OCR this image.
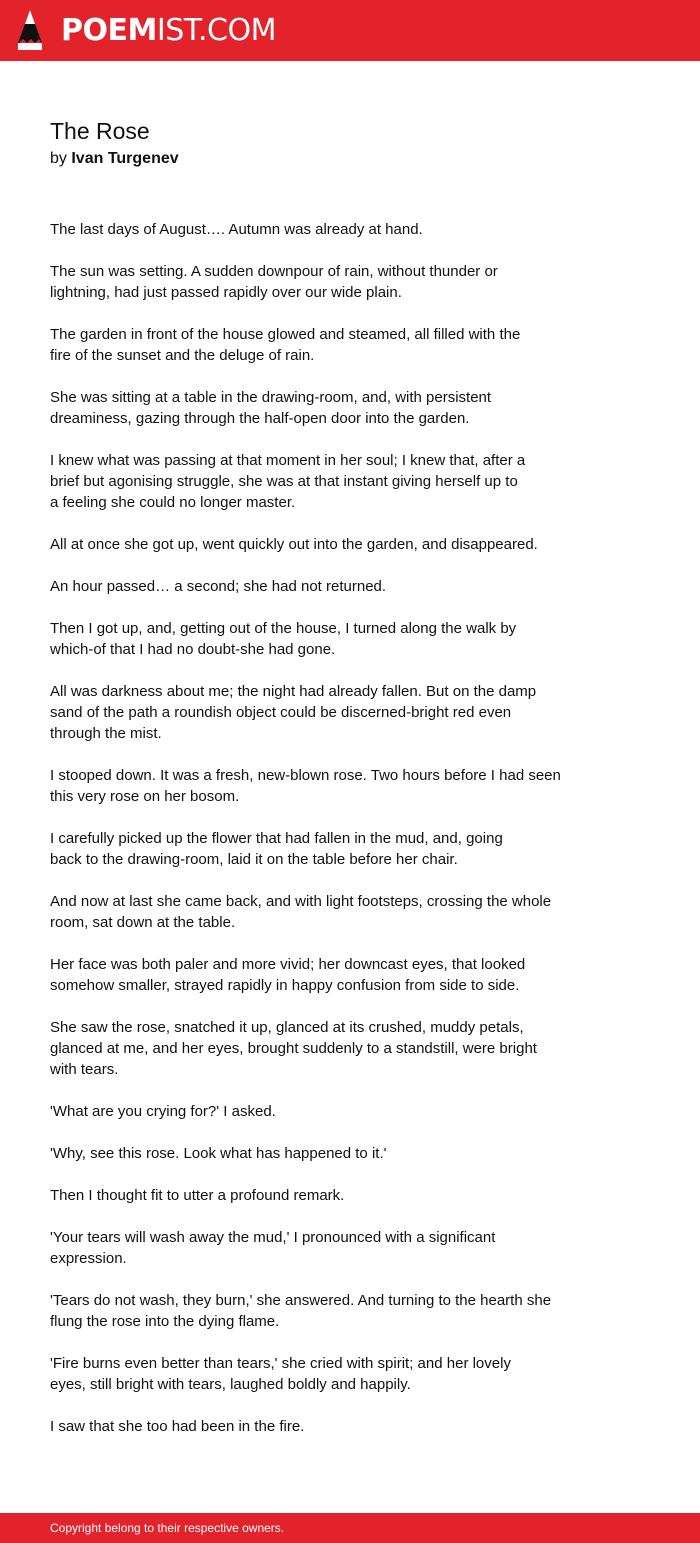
POEMIST.COM
The Rose
by Ivan Turgenev

The last days of August…. Autumn was already at hand.

The sun was setting. A sudden downpour of rain, without thunder or
lightning, had just passed rapidly over our wide plain.

The garden in front of the house glowed and steamed, all filled with the
fire of the sunset and the deluge of rain.

She was sitting at a table in the drawing-room, and, with persistent
dreaminess, gazing through the half-open door into the garden.

I knew what was passing at that moment in her soul; I knew that, after a
brief but agonising struggle, she was at that instant giving herself up to
a feeling she could no longer master.

All at once she got up, went quickly out into the garden, and disappeared.

An hour passed… a second; she had not returned.

Then I got up, and, getting out of the house, I turned along the walk by
which-of that I had no doubt-she had gone.

All was darkness about me; the night had already fallen. But on the damp
sand of the path a roundish object could be discerned-bright red even
through the mist.

I stooped down. It was a fresh, new-blown rose. Two hours before I had seen
this very rose on her bosom.

I carefully picked up the flower that had fallen in the mud, and, going
back to the drawing-room, laid it on the table before her chair.

And now at last she came back, and with light footsteps, crossing the whole
room, sat down at the table.

Her face was both paler and more vivid; her downcast eyes, that looked
somehow smaller, strayed rapidly in happy confusion from side to side.

She saw the rose, snatched it up, glanced at its crushed, muddy petals,
glanced at me, and her eyes, brought suddenly to a standstill, were bright
with tears.

'What are you crying for?' I asked.

'Why, see this rose. Look what has happened to it.'

Then I thought fit to utter a profound remark.

'Your tears will wash away the mud,' I pronounced with a significant
expression.

'Tears do not wash, they burn,' she answered. And turning to the hearth she
flung the rose into the dying flame.

'Fire burns even better than tears,' she cried with spirit; and her lovely
eyes, still bright with tears, laughed boldly and happily.

I saw that she too had been in the fire.

Copyright belong to their respective owners.
